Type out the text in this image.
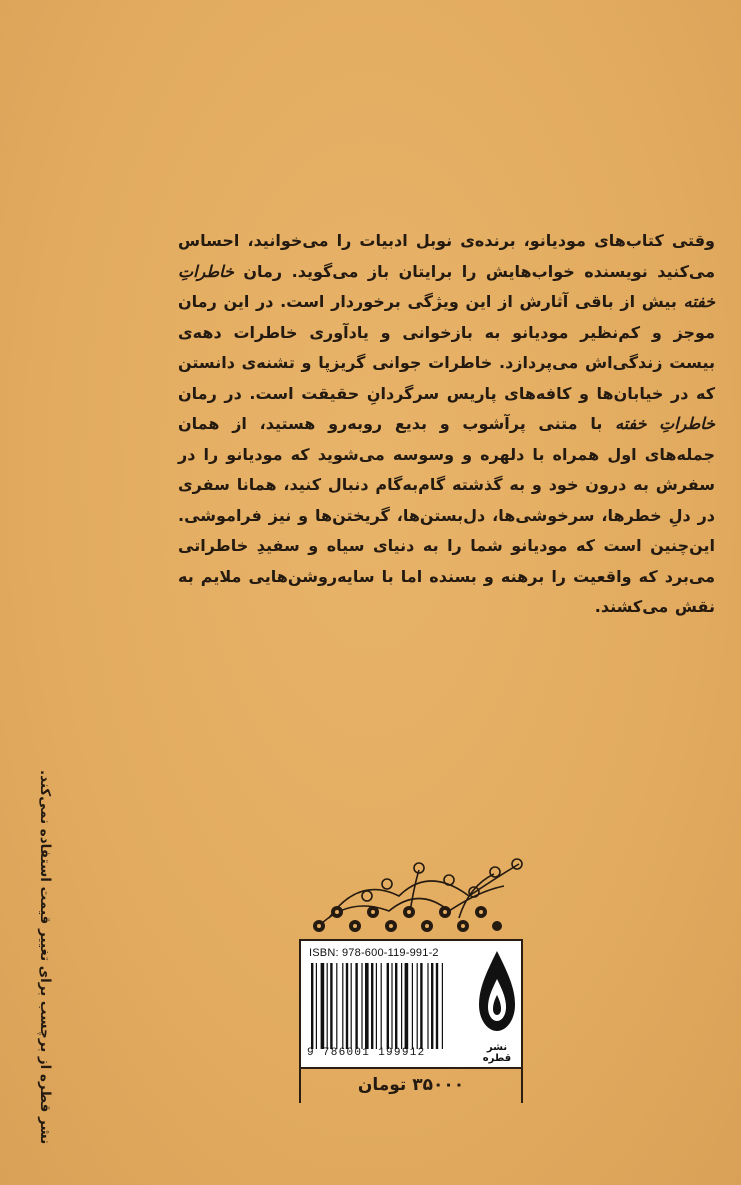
وقتی کتاب‌های مودیانو، برنده‌ی نوبل ادبیات را می‌خوانید، احساس می‌کنید نویسنده خواب‌هایش را برایتان باز می‌گوید. رمان خاطراتِ خفته بیش از باقی آثارش از این ویژگی برخوردار است. در این رمان موجز و کم‌نظیر مودیانو به بازخوانی و یادآوری خاطرات دهه‌ی بیست زندگی‌اش می‌پردازد. خاطرات جوانی گریزپا و تشنه‌ی دانستن که در خیابان‌ها و کافه‌های پاریس سرگردانِ حقیقت است. در رمان خاطراتِ خفته با متنی پرآشوب و بدیع روبه‌رو هستید، از همان جمله‌های اول همراه با دلهره و وسوسه می‌شوید که مودیانو را در سفرش به درون خود و به گذشته گام‌به‌گام دنبال کنید، همانا سفری در دلِ خطرها، سرخوشی‌ها، دل‌بستن‌ها، گریختن‌ها و نیز فراموشی. این‌چنین است که مودیانو شما را به دنیای سیاه و سفیدِ خاطراتی می‌برد که واقعیت را برهنه و بسنده اما با سایه‌روشن‌هایی ملایم به نقش می‌کشند.

نشر قطره از برچسب برای تغییر قیمت استفاده نمی‌کند.	ISBN: 978-600-119-991-2
9 786001 199912	نشر قطره
۳۵۰۰۰ تومان
